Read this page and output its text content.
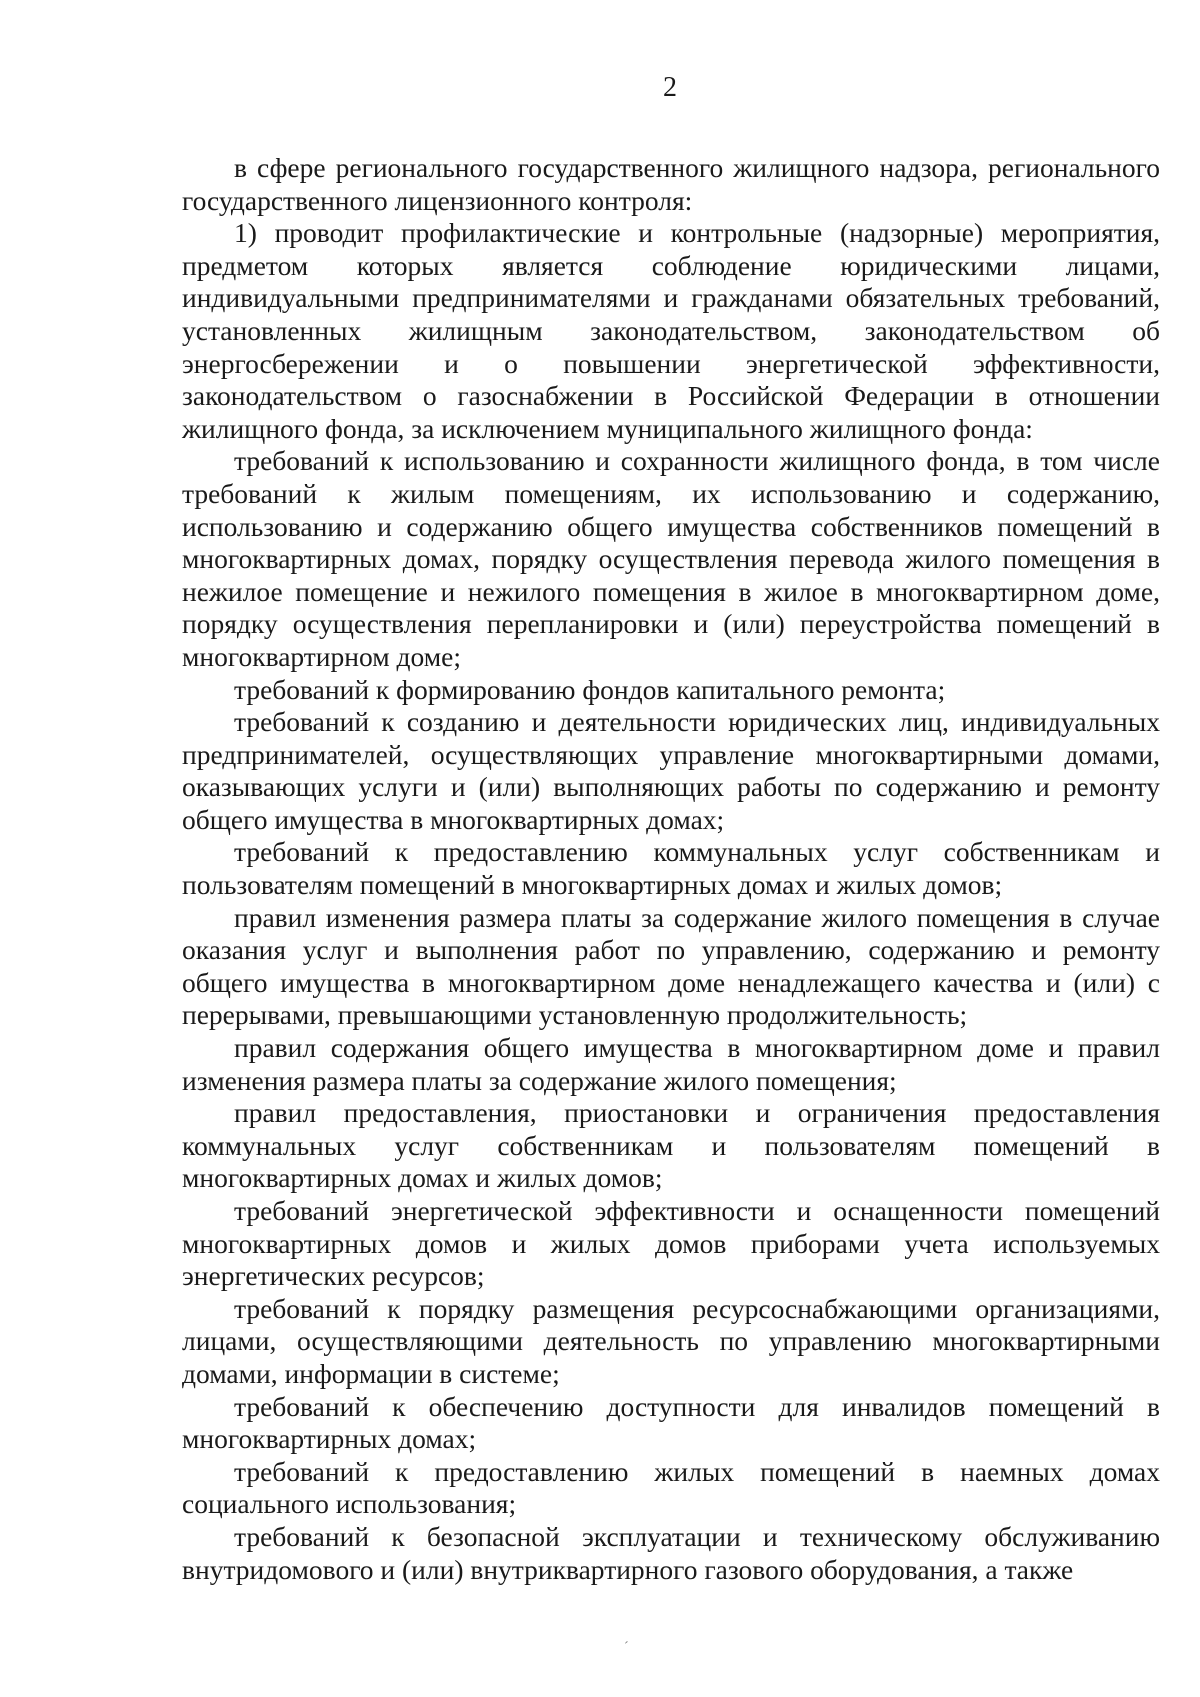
2

в сфере регионального государственного жилищного надзора, регионального государственного лицензионного контроля:

1) проводит профилактические и контрольные (надзорные) мероприятия, предметом которых является соблюдение юридическими лицами, индивидуальными предпринимателями и гражданами обязательных требований, установленных жилищным законодательством, законодательством об энергосбережении и о повышении энергетической эффективности, законодательством о газоснабжении в Российской Федерации в отношении жилищного фонда, за исключением муниципального жилищного фонда:

требований к использованию и сохранности жилищного фонда, в том числе требований к жилым помещениям, их использованию и содержанию, использованию и содержанию общего имущества собственников помещений в многоквартирных домах, порядку осуществления перевода жилого помещения в нежилое помещение и нежилого помещения в жилое в многоквартирном доме, порядку осуществления перепланировки и (или) переустройства помещений в многоквартирном доме;

требований к формированию фондов капитального ремонта;

требований к созданию и деятельности юридических лиц, индивидуальных предпринимателей, осуществляющих управление многоквартирными домами, оказывающих услуги и (или) выполняющих работы по содержанию и ремонту общего имущества в многоквартирных домах;

требований к предоставлению коммунальных услуг собственникам и пользователям помещений в многоквартирных домах и жилых домов;

правил изменения размера платы за содержание жилого помещения в случае оказания услуг и выполнения работ по управлению, содержанию и ремонту общего имущества в многоквартирном доме ненадлежащего качества и (или) с перерывами, превышающими установленную продолжительность;

правил содержания общего имущества в многоквартирном доме и правил изменения размера платы за содержание жилого помещения;

правил предоставления, приостановки и ограничения предоставления коммунальных услуг собственникам и пользователям помещений в многоквартирных домах и жилых домов;

требований энергетической эффективности и оснащенности помещений многоквартирных домов и жилых домов приборами учета используемых энергетических ресурсов;

требований к порядку размещения ресурсоснабжающими организациями, лицами, осуществляющими деятельность по управлению многоквартирными домами, информации в системе;

требований к обеспечению доступности для инвалидов помещений в многоквартирных домах;

требований к предоставлению жилых помещений в наемных домах социального использования;

требований к безопасной эксплуатации и техническому обслуживанию внутридомового и (или) внутриквартирного газового оборудования, а также

ˊ
